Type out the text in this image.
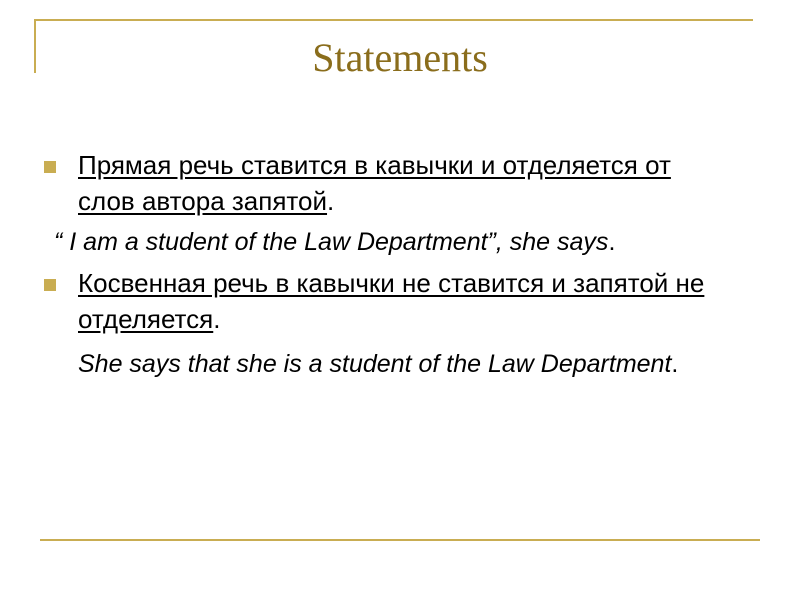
Statements
Прямая речь ставится в кавычки и отделяется от слов автора запятой.
“ I am a student of the Law Department”, she says.
Косвенная речь в кавычки не ставится и запятой не отделяется.
She says that she is a student of the Law Department.
